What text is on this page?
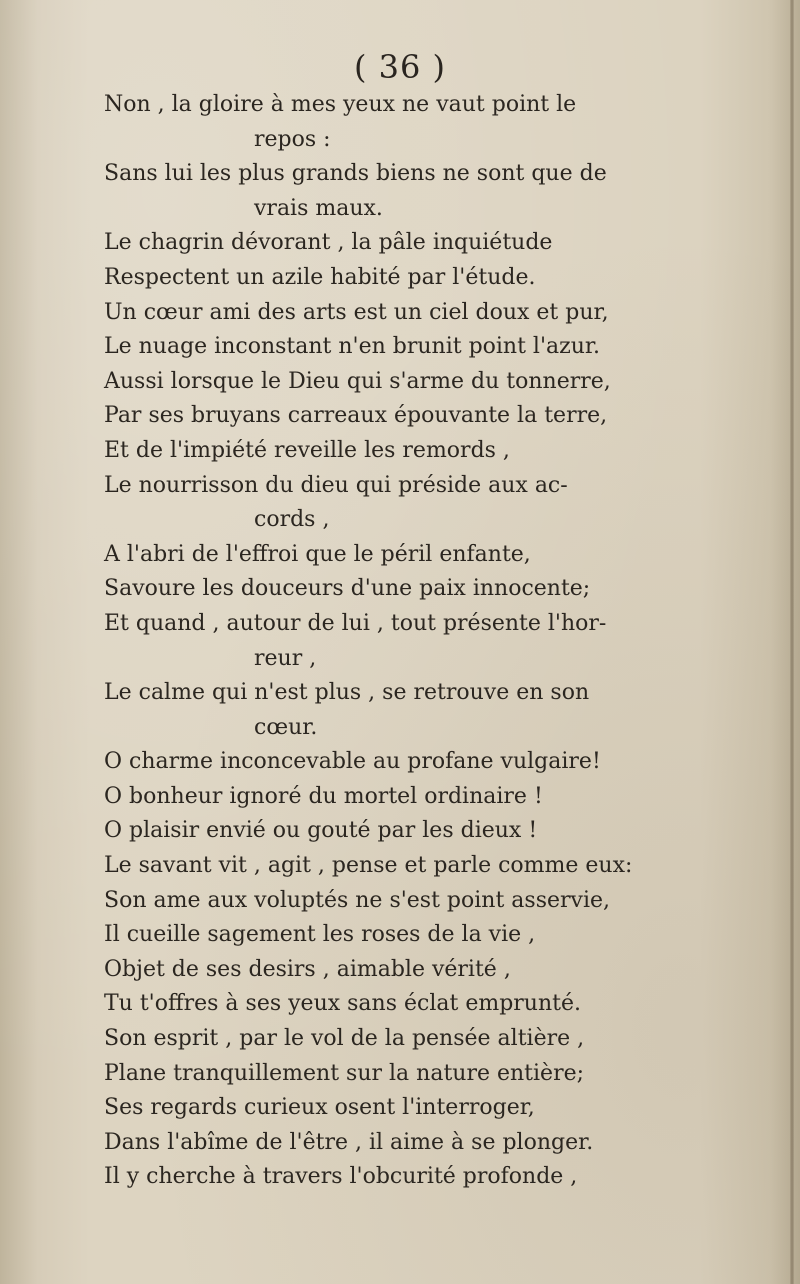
( 36 )
Non , la gloire à mes yeux ne vaut point le
repos :
Sans lui les plus grands biens ne sont que de
vrais maux.
Le chagrin dévorant , la pâle inquiétude
Respectent un azile habité par l'étude.
Un cœur ami des arts est un ciel doux et pur,
Le nuage inconstant n'en brunit point l'azur.
Aussi lorsque le Dieu qui s'arme du tonnerre,
Par ses bruyans carreaux épouvante la terre,
Et de l'impiété reveille les remords ,
Le nourrisson du dieu qui préside aux ac-
cords ,
A l'abri de l'effroi que le péril enfante,
Savoure les douceurs d'une paix innocente;
Et quand , autour de lui , tout présente l'hor-
reur ,
Le calme qui n'est plus , se retrouve en son
cœur.
O charme inconcevable au profane vulgaire!
O bonheur ignoré du mortel ordinaire !
O plaisir envié ou gouté par les dieux !
Le savant vit , agit , pense et parle comme eux:
Son ame aux voluptés ne s'est point asservie,
Il cueille sagement les roses de la vie ,
Objet de ses desirs , aimable vérité ,
Tu t'offres à ses yeux sans éclat emprunté.
Son esprit , par le vol de la pensée altière ,
Plane tranquillement sur la nature entière;
Ses regards curieux osent l'interroger,
Dans l'abîme de l'être , il aime à se plonger.
Il y cherche à travers l'obcurité profonde ,
